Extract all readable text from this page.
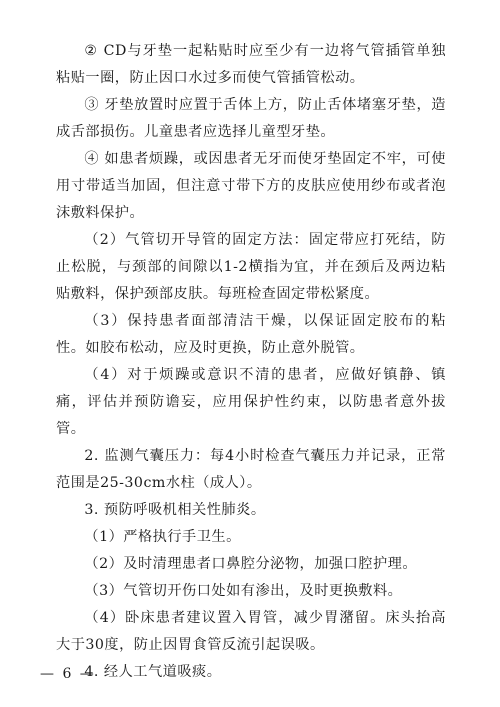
② CD与牙垫一起粘贴时应至少有一边将气管插管单独粘贴一圈，防止因口水过多而使气管插管松动。

③ 牙垫放置时应置于舌体上方，防止舌体堵塞牙垫，造成舌部损伤。儿童患者应选择儿童型牙垫。

④ 如患者烦躁，或因患者无牙而使牙垫固定不牢，可使用寸带适当加固，但注意寸带下方的皮肤应使用纱布或者泡沫敷料保护。

（2）气管切开导管的固定方法：固定带应打死结，防止松脱，与颈部的间隙以1-2横指为宜，并在颈后及两边粘贴敷料，保护颈部皮肤。每班检查固定带松紧度。

（3）保持患者面部清洁干燥，以保证固定胶布的粘性。如胶布松动，应及时更换，防止意外脱管。

（4）对于烦躁或意识不清的患者，应做好镇静、镇痛，评估并预防谵妄，应用保护性约束，以防患者意外拔管。

2. 监测气囊压力：每4小时检查气囊压力并记录，正常范围是25-30cm水柱（成人）。

3. 预防呼吸机相关性肺炎。

（1）严格执行手卫生。

（2）及时清理患者口鼻腔分泌物，加强口腔护理。

（3）气管切开伤口处如有渗出，及时更换敷料。

（4）卧床患者建议置入胃管，减少胃潴留。床头抬高大于30度，防止因胃食管反流引起误吸。

4. 经人工气道吸痰。

— 6 —
